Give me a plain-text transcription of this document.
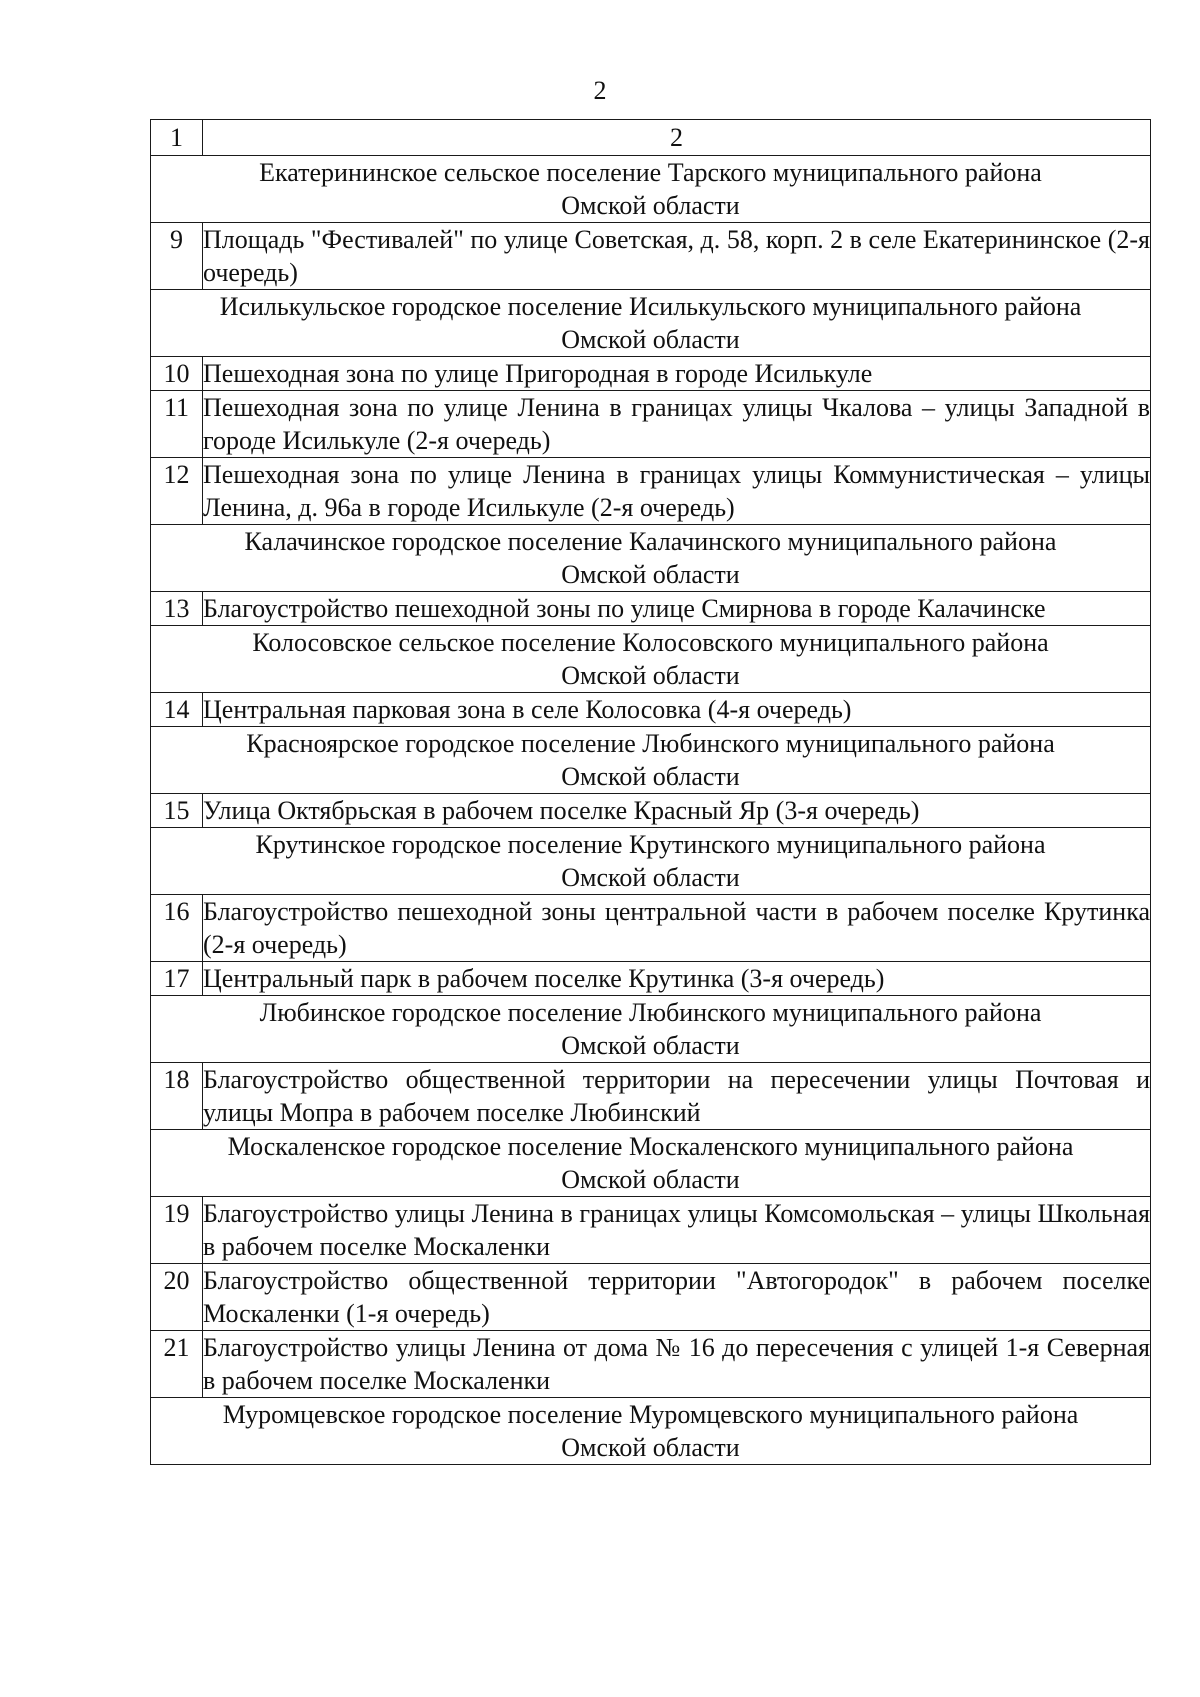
2
1	2

Екатерининское сельское поселение Тарского муниципального района
Омской области	

9	Площадь "Фестивалей" по улице Советская, д. 58, корп. 2 в селе Екатерининское (2-я очередь)

Исилькульское городское поселение Исилькульского муниципального района
Омской области	

10	Пешеходная зона по улице Пригородная в городе Исилькуле
11	Пешеходная зона по улице Ленина в границах улицы Чкалова – улицы Западной в городе Исилькуле (2-я очередь)
12	Пешеходная зона по улице Ленина в границах улицы Коммунистическая – улицы Ленина, д. 96а в городе Исилькуле (2-я очередь)

Калачинское городское поселение Калачинского муниципального района
Омской области	

13	Благоустройство пешеходной зоны по улице Смирнова в городе Калачинске

Колосовское сельское поселение Колосовского муниципального района
Омской области	

14	Центральная парковая зона в селе Колосовка (4-я очередь)

Красноярское городское поселение Любинского муниципального района
Омской области	

15	Улица Октябрьская в рабочем поселке Красный Яр (3-я очередь)

Крутинское городское поселение Крутинского муниципального района
Омской области	

16	Благоустройство пешеходной зоны центральной части в рабочем поселке Крутинка (2-я очередь)
17	Центральный парк в рабочем поселке Крутинка (3-я очередь)

Любинское городское поселение Любинского муниципального района
Омской области	

18	Благоустройство общественной территории на пересечении улицы Почтовая и улицы Мопра в рабочем поселке Любинский

Москаленское городское поселение Москаленского муниципального района
Омской области	

19	Благоустройство улицы Ленина в границах улицы Комсомольская – улицы Школьная в рабочем поселке Москаленки
20	Благоустройство общественной территории "Автогородок" в рабочем поселке Москаленки (1-я очередь)
21	Благоустройство улицы Ленина от дома № 16 до пересечения с улицей 1-я Северная в рабочем поселке Москаленки

Муромцевское городское поселение Муромцевского муниципального района
Омской области	
